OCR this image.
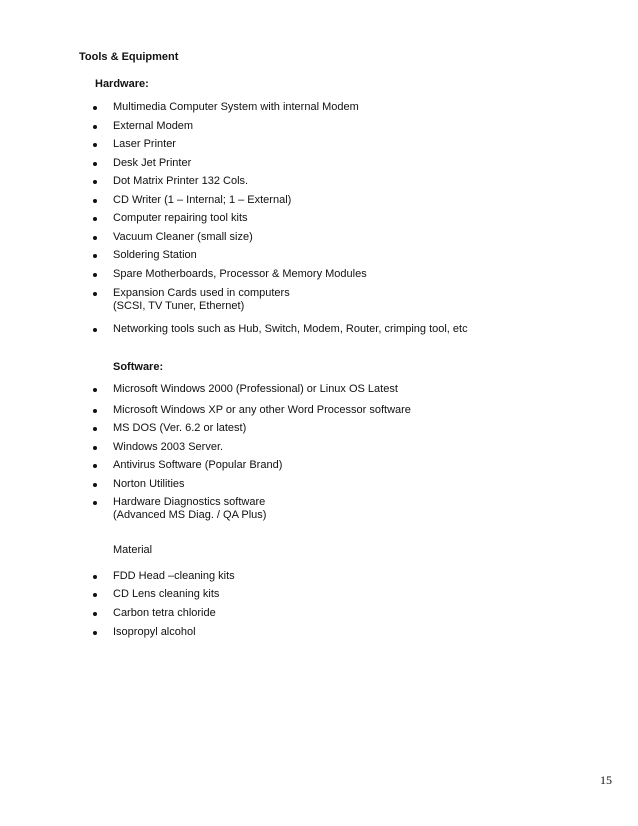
Tools & Equipment
Hardware:
Multimedia Computer System with internal Modem
External Modem
Laser Printer
Desk Jet Printer
Dot Matrix Printer 132 Cols.
CD Writer (1 – Internal; 1 – External)
Computer repairing tool kits
Vacuum Cleaner (small size)
Soldering Station
Spare Motherboards, Processor & Memory Modules
Expansion Cards used in computers
(SCSI, TV Tuner, Ethernet)
Networking tools such as Hub, Switch, Modem, Router, crimping tool, etc
Software:
Microsoft Windows 2000 (Professional) or Linux OS Latest
Microsoft Windows XP or any other Word Processor software
MS DOS (Ver. 6.2 or latest)
Windows 2003 Server.
Antivirus Software (Popular Brand)
Norton Utilities
Hardware Diagnostics software
(Advanced MS Diag. / QA Plus)
Material
FDD Head –cleaning kits
CD Lens cleaning kits
Carbon tetra chloride
Isopropyl alcohol
15
